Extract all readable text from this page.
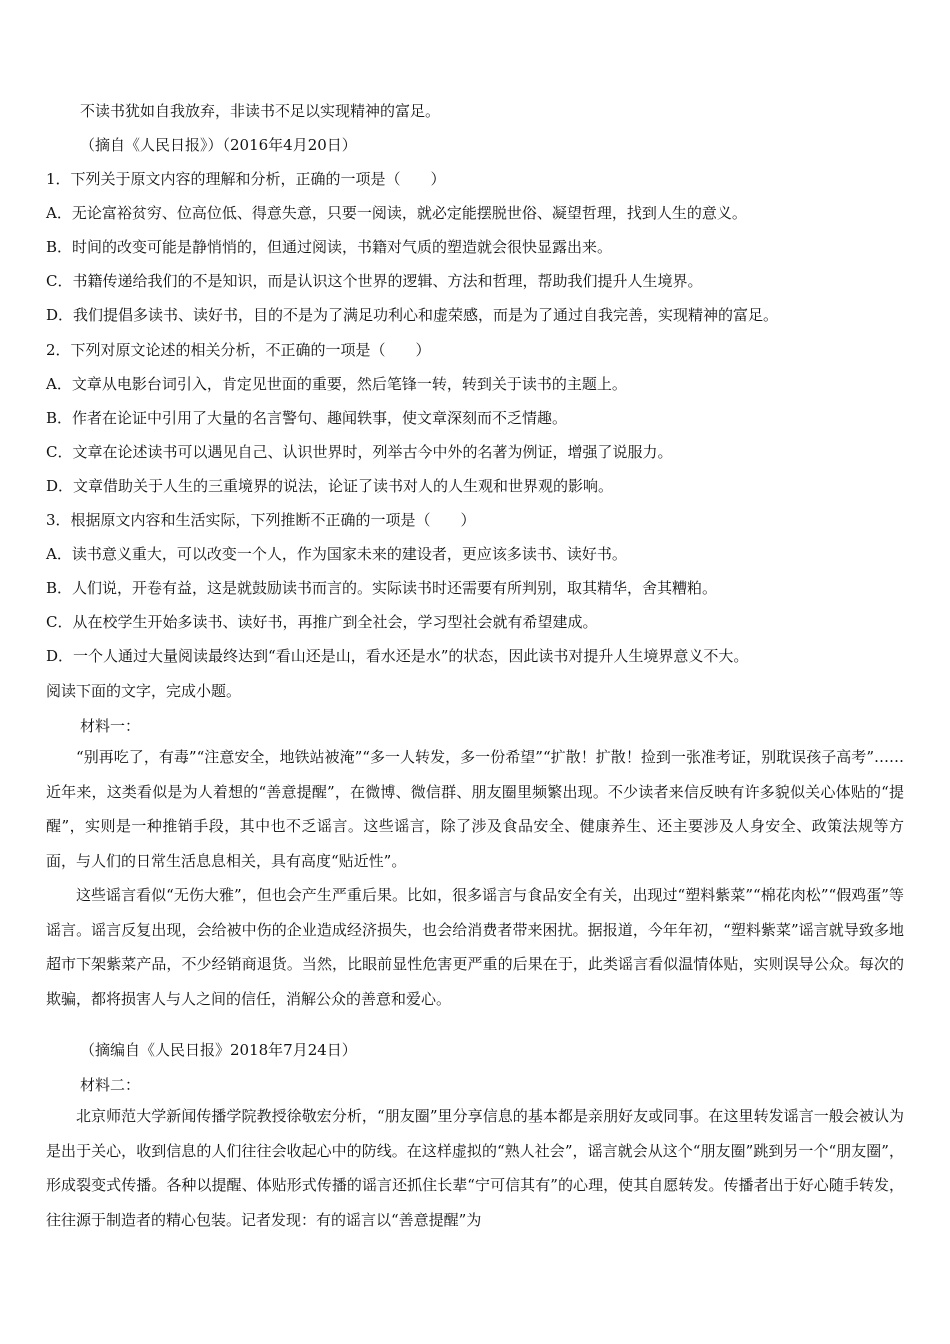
不读书犹如自我放弃，非读书不足以实现精神的富足。
（摘自《人民日报》）（2016年4月20日）
1．下列关于原文内容的理解和分析，正确的一项是（　　）
A．无论富裕贫穷、位高位低、得意失意，只要一阅读，就必定能摆脱世俗、凝望哲理，找到人生的意义。
B．时间的改变可能是静悄悄的，但通过阅读，书籍对气质的塑造就会很快显露出来。
C．书籍传递给我们的不是知识，而是认识这个世界的逻辑、方法和哲理，帮助我们提升人生境界。
D．我们提倡多读书、读好书，目的不是为了满足功利心和虚荣感，而是为了通过自我完善，实现精神的富足。
2．下列对原文论述的相关分析，不正确的一项是（　　）
A．文章从电影台词引入，肯定见世面的重要，然后笔锋一转，转到关于读书的主题上。
B．作者在论证中引用了大量的名言警句、趣闻轶事，使文章深刻而不乏情趣。
C．文章在论述读书可以遇见自己、认识世界时，列举古今中外的名著为例证，增强了说服力。
D．文章借助关于人生的三重境界的说法，论证了读书对人的人生观和世界观的影响。
3．根据原文内容和生活实际，下列推断不正确的一项是（　　）
A．读书意义重大，可以改变一个人，作为国家未来的建设者，更应该多读书、读好书。
B．人们说，开卷有益，这是就鼓励读书而言的。实际读书时还需要有所判别，取其精华，舍其糟粕。
C．从在校学生开始多读书、读好书，再推广到全社会，学习型社会就有希望建成。
D．一个人通过大量阅读最终达到“看山还是山，看水还是水”的状态，因此读书对提升人生境界意义不大。
阅读下面的文字，完成小题。
材料一：

“别再吃了，有毒”“注意安全，地铁站被淹”“多一人转发，多一份希望”“扩散！扩散！捡到一张准考证，别耽误孩子高考”……近年来，这类看似是为人着想的“善意提醒”，在微博、微信群、朋友圈里频繁出现。不少读者来信反映有许多貌似关心体贴的“提醒”，实则是一种推销手段，其中也不乏谣言。这些谣言，除了涉及食品安全、健康养生、还主要涉及人身安全、政策法规等方面，与人们的日常生活息息相关，具有高度“贴近性”。

这些谣言看似“无伤大雅”，但也会产生严重后果。比如，很多谣言与食品安全有关，出现过“塑料紫菜”“棉花肉松”“假鸡蛋”等谣言。谣言反复出现，会给被中伤的企业造成经济损失，也会给消费者带来困扰。据报道，今年年初，“塑料紫菜”谣言就导致多地超市下架紫菜产品，不少经销商退货。当然，比眼前显性危害更严重的后果在于，此类谣言看似温情体贴，实则误导公众。每次的欺骗，都将损害人与人之间的信任，消解公众的善意和爱心。

（摘编自《人民日报》2018年7月24日）
材料二：

北京师范大学新闻传播学院教授徐敬宏分析，“朋友圈”里分享信息的基本都是亲朋好友或同事。在这里转发谣言一般会被认为是出于关心，收到信息的人们往往会收起心中的防线。在这样虚拟的“熟人社会”，谣言就会从这个“朋友圈”跳到另一个“朋友圈”，形成裂变式传播。各种以提醒、体贴形式传播的谣言还抓住长辈“宁可信其有”的心理，使其自愿转发。传播者出于好心随手转发，往往源于制造者的精心包装。记者发现：有的谣言以“善意提醒”为
